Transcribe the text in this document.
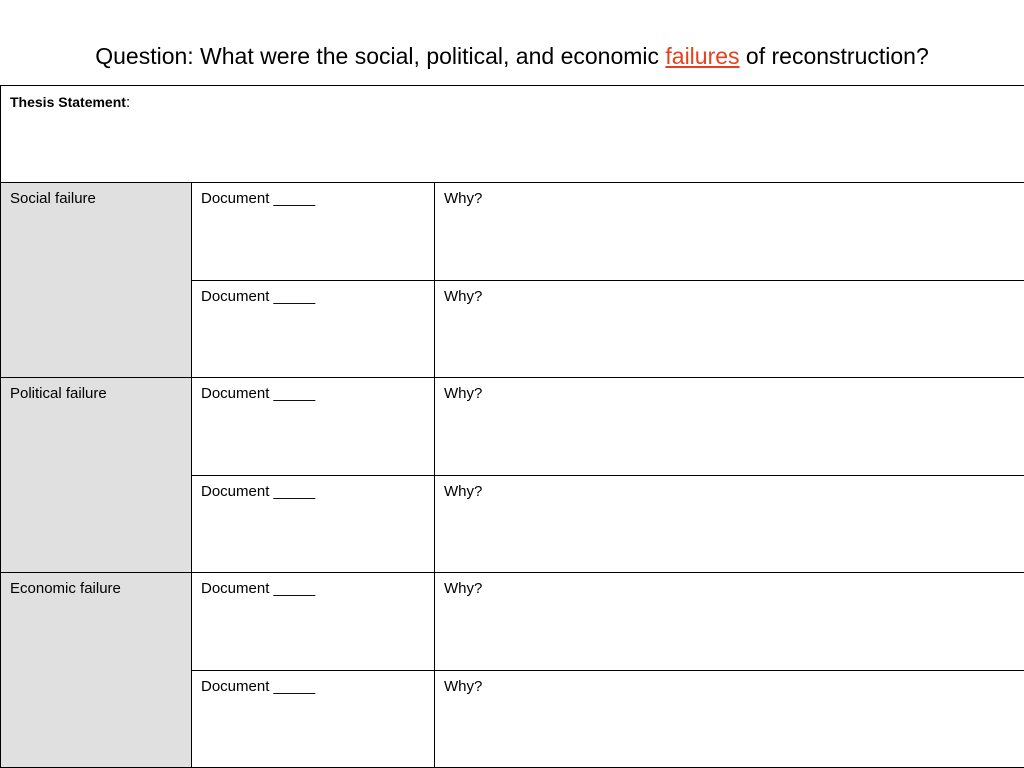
Question: What were the social, political, and economic failures of reconstruction?
Thesis Statement:		
Social failure	Document _____	Why?
	Document _____	Why?
Political failure	Document _____	Why?
	Document _____	Why?
Economic failure	Document _____	Why?
	Document _____	Why?
